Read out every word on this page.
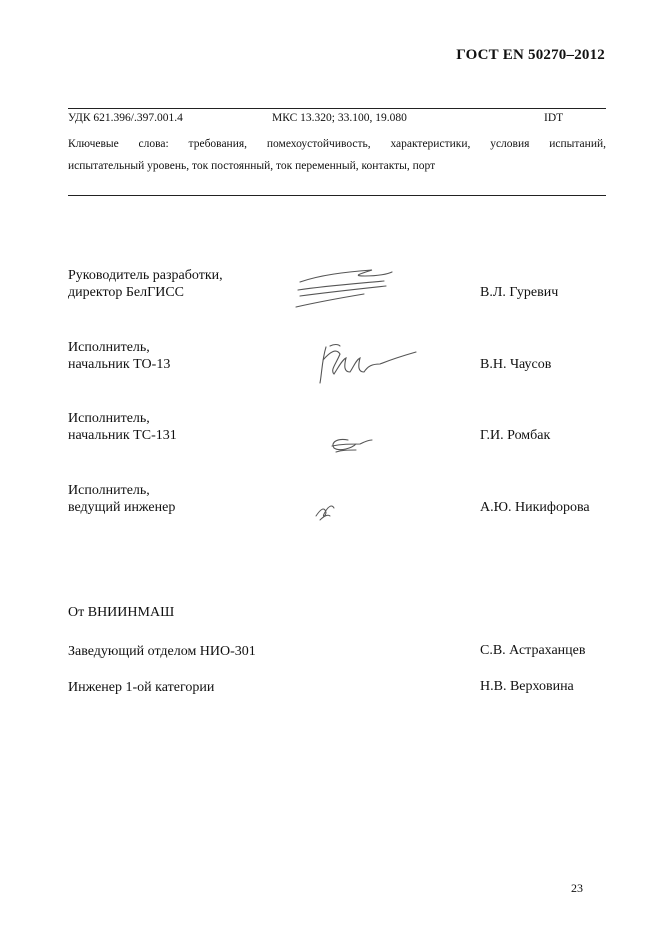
ГОСТ EN 50270–2012
УДК 621.396/.397.001.4	МКС 13.320; 33.100, 19.080	IDT
Ключевые слова: требования, помехоустойчивость, характеристики, условия испытаний,
испытательный уровень, ток постоянный, ток переменный, контакты, порт
Руководитель разработки,
директор БелГИСС	В.Л. Гуревич
Исполнитель,
начальник ТО-13	В.Н. Чаусов
Исполнитель,
начальник ТС-131	Г.И. Ромбак
Исполнитель,
ведущий инженер	А.Ю. Никифорова
От ВНИИНМАШ
Заведующий отделом НИО-301	С.В. Астраханцев
Инженер 1-ой категории	Н.В. Верховина
23
